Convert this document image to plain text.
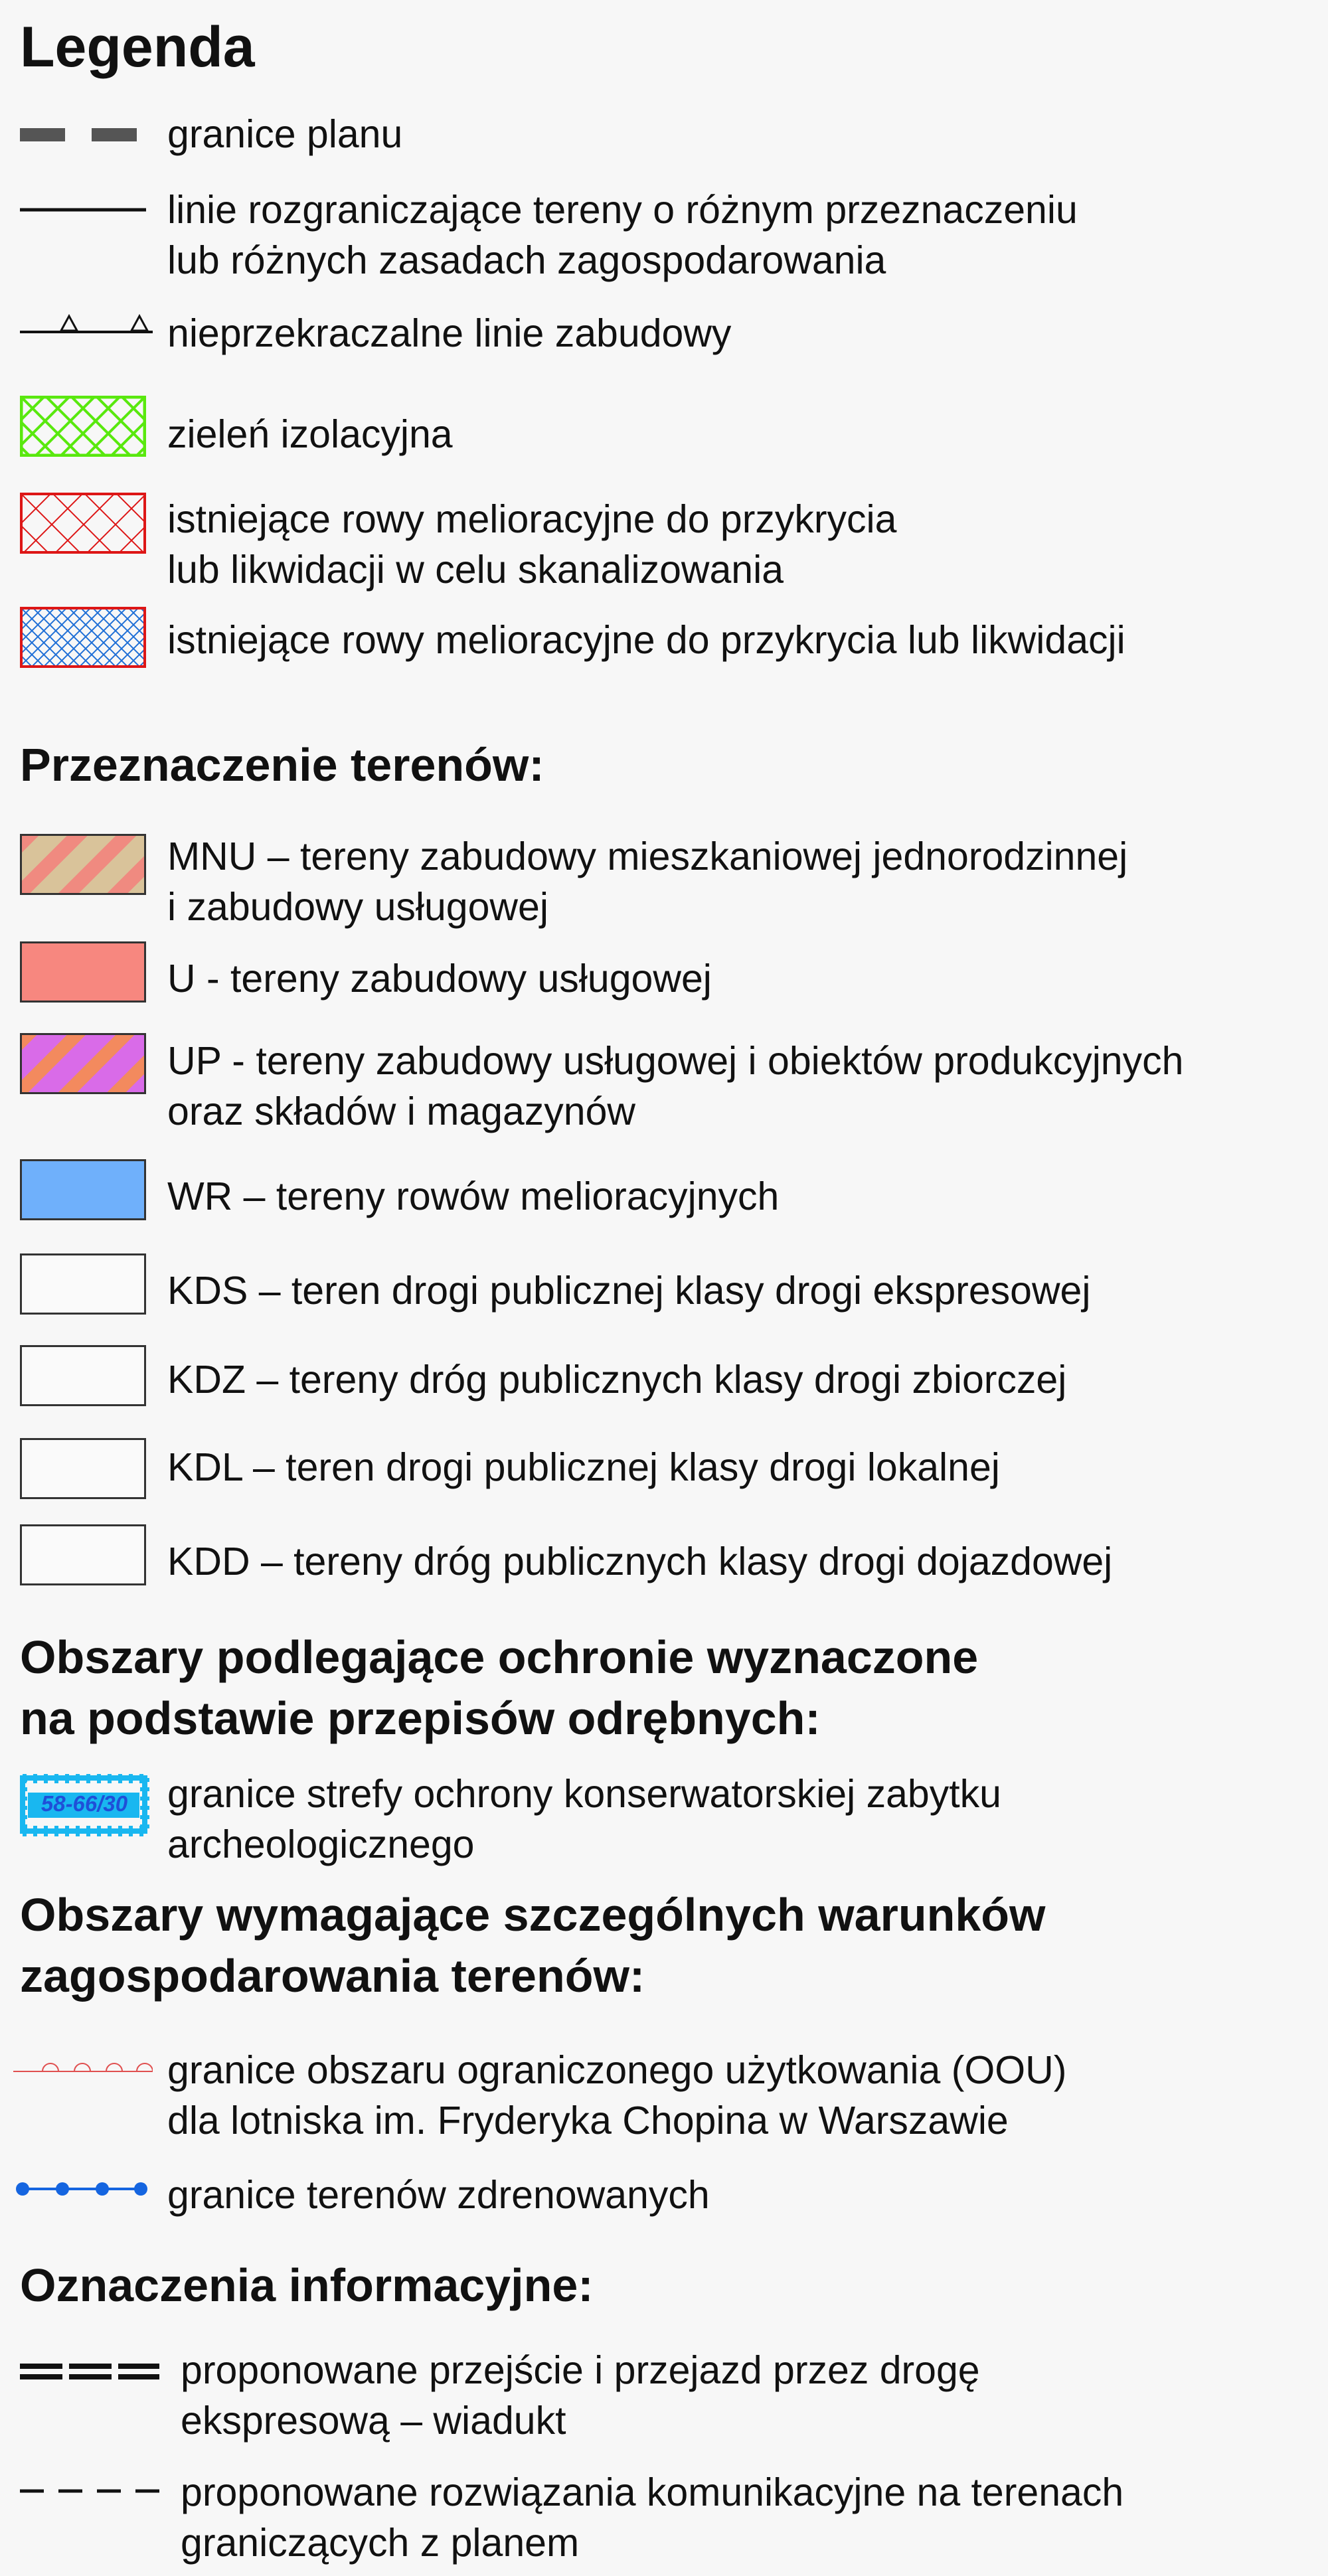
Legenda
granice planu
linie rozgraniczające tereny o różnym przeznaczeniu
lub różnych zasadach zagospodarowania
nieprzekraczalne linie zabudowy
zieleń izolacyjna
istniejące rowy melioracyjne do przykrycia
lub likwidacji w celu skanalizowania
istniejące rowy melioracyjne do przykrycia lub likwidacji
Przeznaczenie terenów:
MNU – tereny zabudowy mieszkaniowej jednorodzinnej
i zabudowy usługowej
U - tereny zabudowy usługowej
UP - tereny zabudowy usługowej i obiektów produkcyjnych
oraz składów i magazynów
WR – tereny rowów melioracyjnych
KDS – teren drogi publicznej klasy drogi ekspresowej
KDZ – tereny dróg publicznych klasy drogi zbiorczej
KDL – teren drogi publicznej klasy drogi lokalnej
KDD – tereny dróg publicznych klasy drogi dojazdowej
Obszary podlegające ochronie wyznaczone
na podstawie przepisów odrębnych:
58-66/30	granice strefy ochrony konserwatorskiej zabytku
archeologicznego
Obszary wymagające szczególnych warunków
zagospodarowania terenów:
granice obszaru ograniczonego użytkowania (OOU)
dla lotniska im. Fryderyka Chopina w Warszawie
granice terenów zdrenowanych
Oznaczenia informacyjne:
proponowane przejście i przejazd przez drogę
ekspresową – wiadukt
proponowane rozwiązania komunikacyjne na terenach
graniczących z planem
